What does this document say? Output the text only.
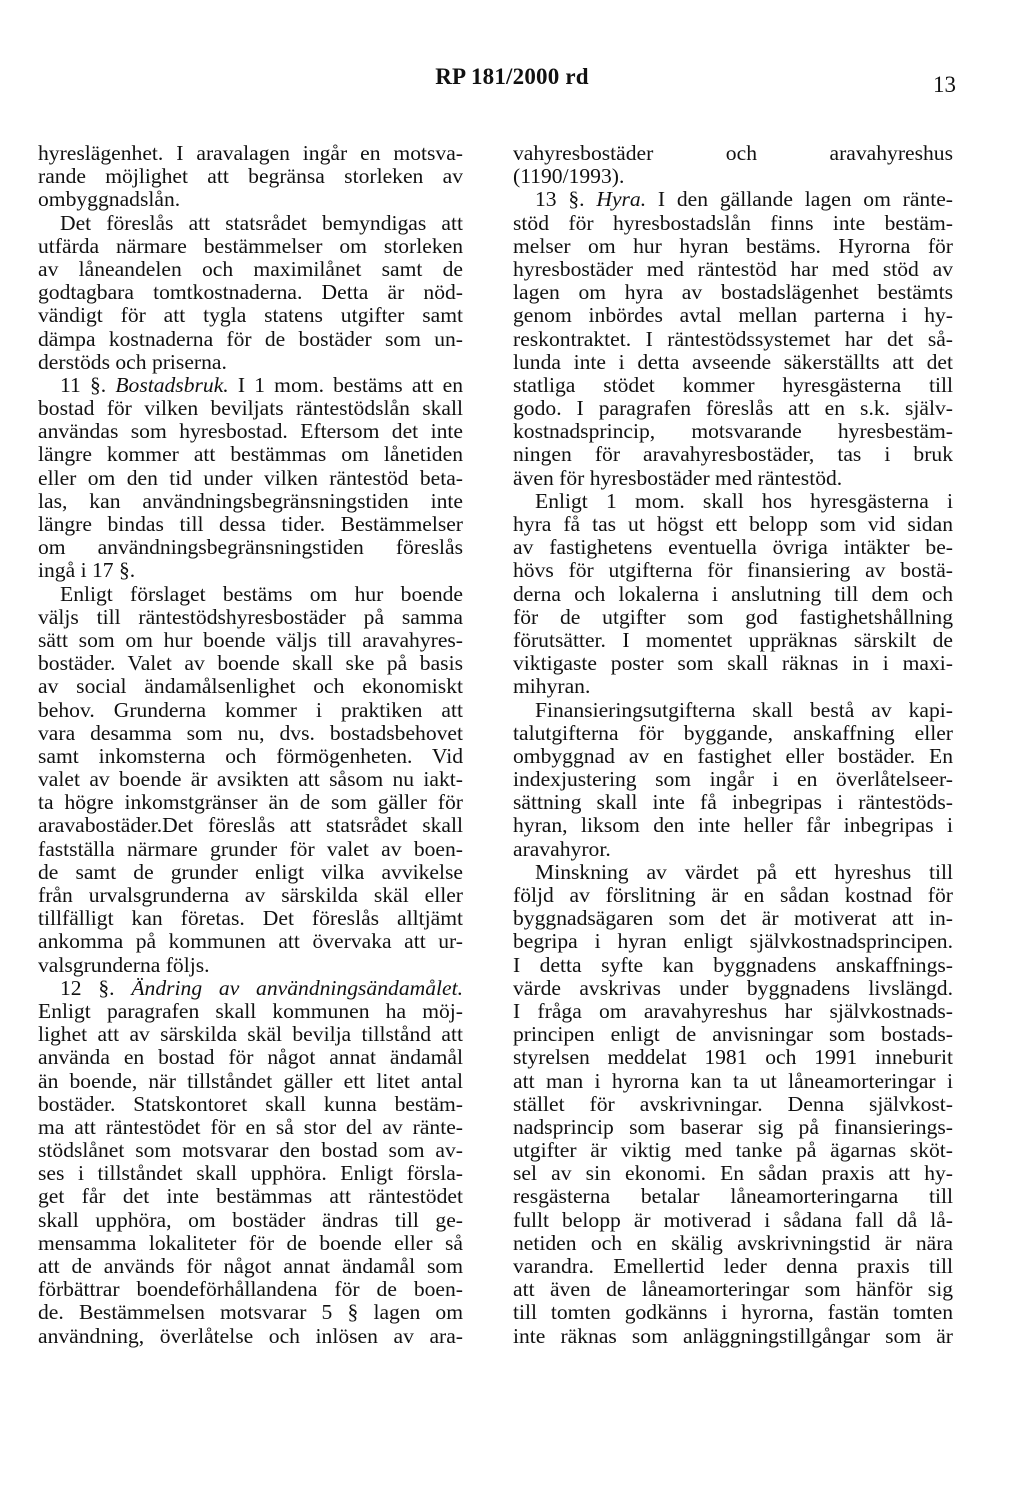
RP 181/2000 rd	13
hyreslägenhet. I aravalagen ingår en motsva-
rande möjlighet att begränsa storleken av
ombyggnadslån.
Det föreslås att statsrådet bemyndigas att
utfärda närmare bestämmelser om storleken
av låneandelen och maximilånet samt de
godtagbara tomtkostnaderna. Detta är nöd-
vändigt för att tygla statens utgifter samt
dämpa kostnaderna för de bostäder som un-
derstöds och priserna.
11 §. Bostadsbruk. I 1 mom. bestäms att en
bostad för vilken beviljats räntestödslån skall
användas som hyresbostad. Eftersom det inte
längre kommer att bestämmas om lånetiden
eller om den tid under vilken räntestöd beta-
las, kan användningsbegränsningstiden inte
längre bindas till dessa tider. Bestämmelser
om användningsbegränsningstiden föreslås
ingå i 17 §.
Enligt förslaget bestäms om hur boende
väljs till räntestödshyresbostäder på samma
sätt som om hur boende väljs till aravahyres-
bostäder. Valet av boende skall ske på basis
av social ändamålsenlighet och ekonomiskt
behov. Grunderna kommer i praktiken att
vara desamma som nu, dvs. bostadsbehovet
samt inkomsterna och förmögenheten. Vid
valet av boende är avsikten att såsom nu iakt-
ta högre inkomstgränser än de som gäller för
aravabostäder.Det föreslås att statsrådet skall
fastställa närmare grunder för valet av boen-
de samt de grunder enligt vilka avvikelse
från urvalsgrunderna av särskilda skäl eller
tillfälligt kan företas. Det föreslås alltjämt
ankomma på kommunen att övervaka att ur-
valsgrunderna följs.
12 §. Ändring av användningsändamålet.
Enligt paragrafen skall kommunen ha möj-
lighet att av särskilda skäl bevilja tillstånd att
använda en bostad för något annat ändamål
än boende, när tillståndet gäller ett litet antal
bostäder. Statskontoret skall kunna bestäm-
ma att räntestödet för en så stor del av ränte-
stödslånet som motsvarar den bostad som av-
ses i tillståndet skall upphöra. Enligt försla-
get får det inte bestämmas att räntestödet
skall upphöra, om bostäder ändras till ge-
mensamma lokaliteter för de boende eller så
att de används för något annat ändamål som
förbättrar boendeförhållandena för de boen-
de. Bestämmelsen motsvarar 5 § lagen om
användning, överlåtelse och inlösen av ara-
vahyresbostäder och aravahyreshus
(1190/1993).
13 §. Hyra. I den gällande lagen om ränte-
stöd för hyresbostadslån finns inte bestäm-
melser om hur hyran bestäms. Hyrorna för
hyresbostäder med räntestöd har med stöd av
lagen om hyra av bostadslägenhet bestämts
genom inbördes avtal mellan parterna i hy-
reskontraktet. I räntestödssystemet har det så-
lunda inte i detta avseende säkerställts att det
statliga stödet kommer hyresgästerna till
godo. I paragrafen föreslås att en s.k. själv-
kostnadsprincip, motsvarande hyresbestäm-
ningen för aravahyresbostäder, tas i bruk
även för hyresbostäder med räntestöd.
Enligt 1 mom. skall hos hyresgästerna i
hyra få tas ut högst ett belopp som vid sidan
av fastighetens eventuella övriga intäkter be-
hövs för utgifterna för finansiering av bostä-
derna och lokalerna i anslutning till dem och
för de utgifter som god fastighetshållning
förutsätter. I momentet uppräknas särskilt de
viktigaste poster som skall räknas in i maxi-
mihyran.
Finansieringsutgifterna skall bestå av kapi-
talutgifterna för byggande, anskaffning eller
ombyggnad av en fastighet eller bostäder. En
indexjustering som ingår i en överlåtelseer-
sättning skall inte få inbegripas i räntestöds-
hyran, liksom den inte heller får inbegripas i
aravahyror.
Minskning av värdet på ett hyreshus till
följd av förslitning är en sådan kostnad för
byggnadsägaren som det är motiverat att in-
begripa i hyran enligt självkostnadsprincipen.
I detta syfte kan byggnadens anskaffnings-
värde avskrivas under byggnadens livslängd.
I fråga om aravahyreshus har självkostnads-
principen enligt de anvisningar som bostads-
styrelsen meddelat 1981 och 1991 inneburit
att man i hyrorna kan ta ut låneamorteringar i
stället för avskrivningar. Denna självkost-
nadsprincip som baserar sig på finansierings-
utgifter är viktig med tanke på ägarnas sköt-
sel av sin ekonomi. En sådan praxis att hy-
resgästerna betalar låneamorteringarna till
fullt belopp är motiverad i sådana fall då lå-
netiden och en skälig avskrivningstid är nära
varandra. Emellertid leder denna praxis till
att även de låneamorteringar som hänför sig
till tomten godkänns i hyrorna, fastän tomten
inte räknas som anläggningstillgångar som är
